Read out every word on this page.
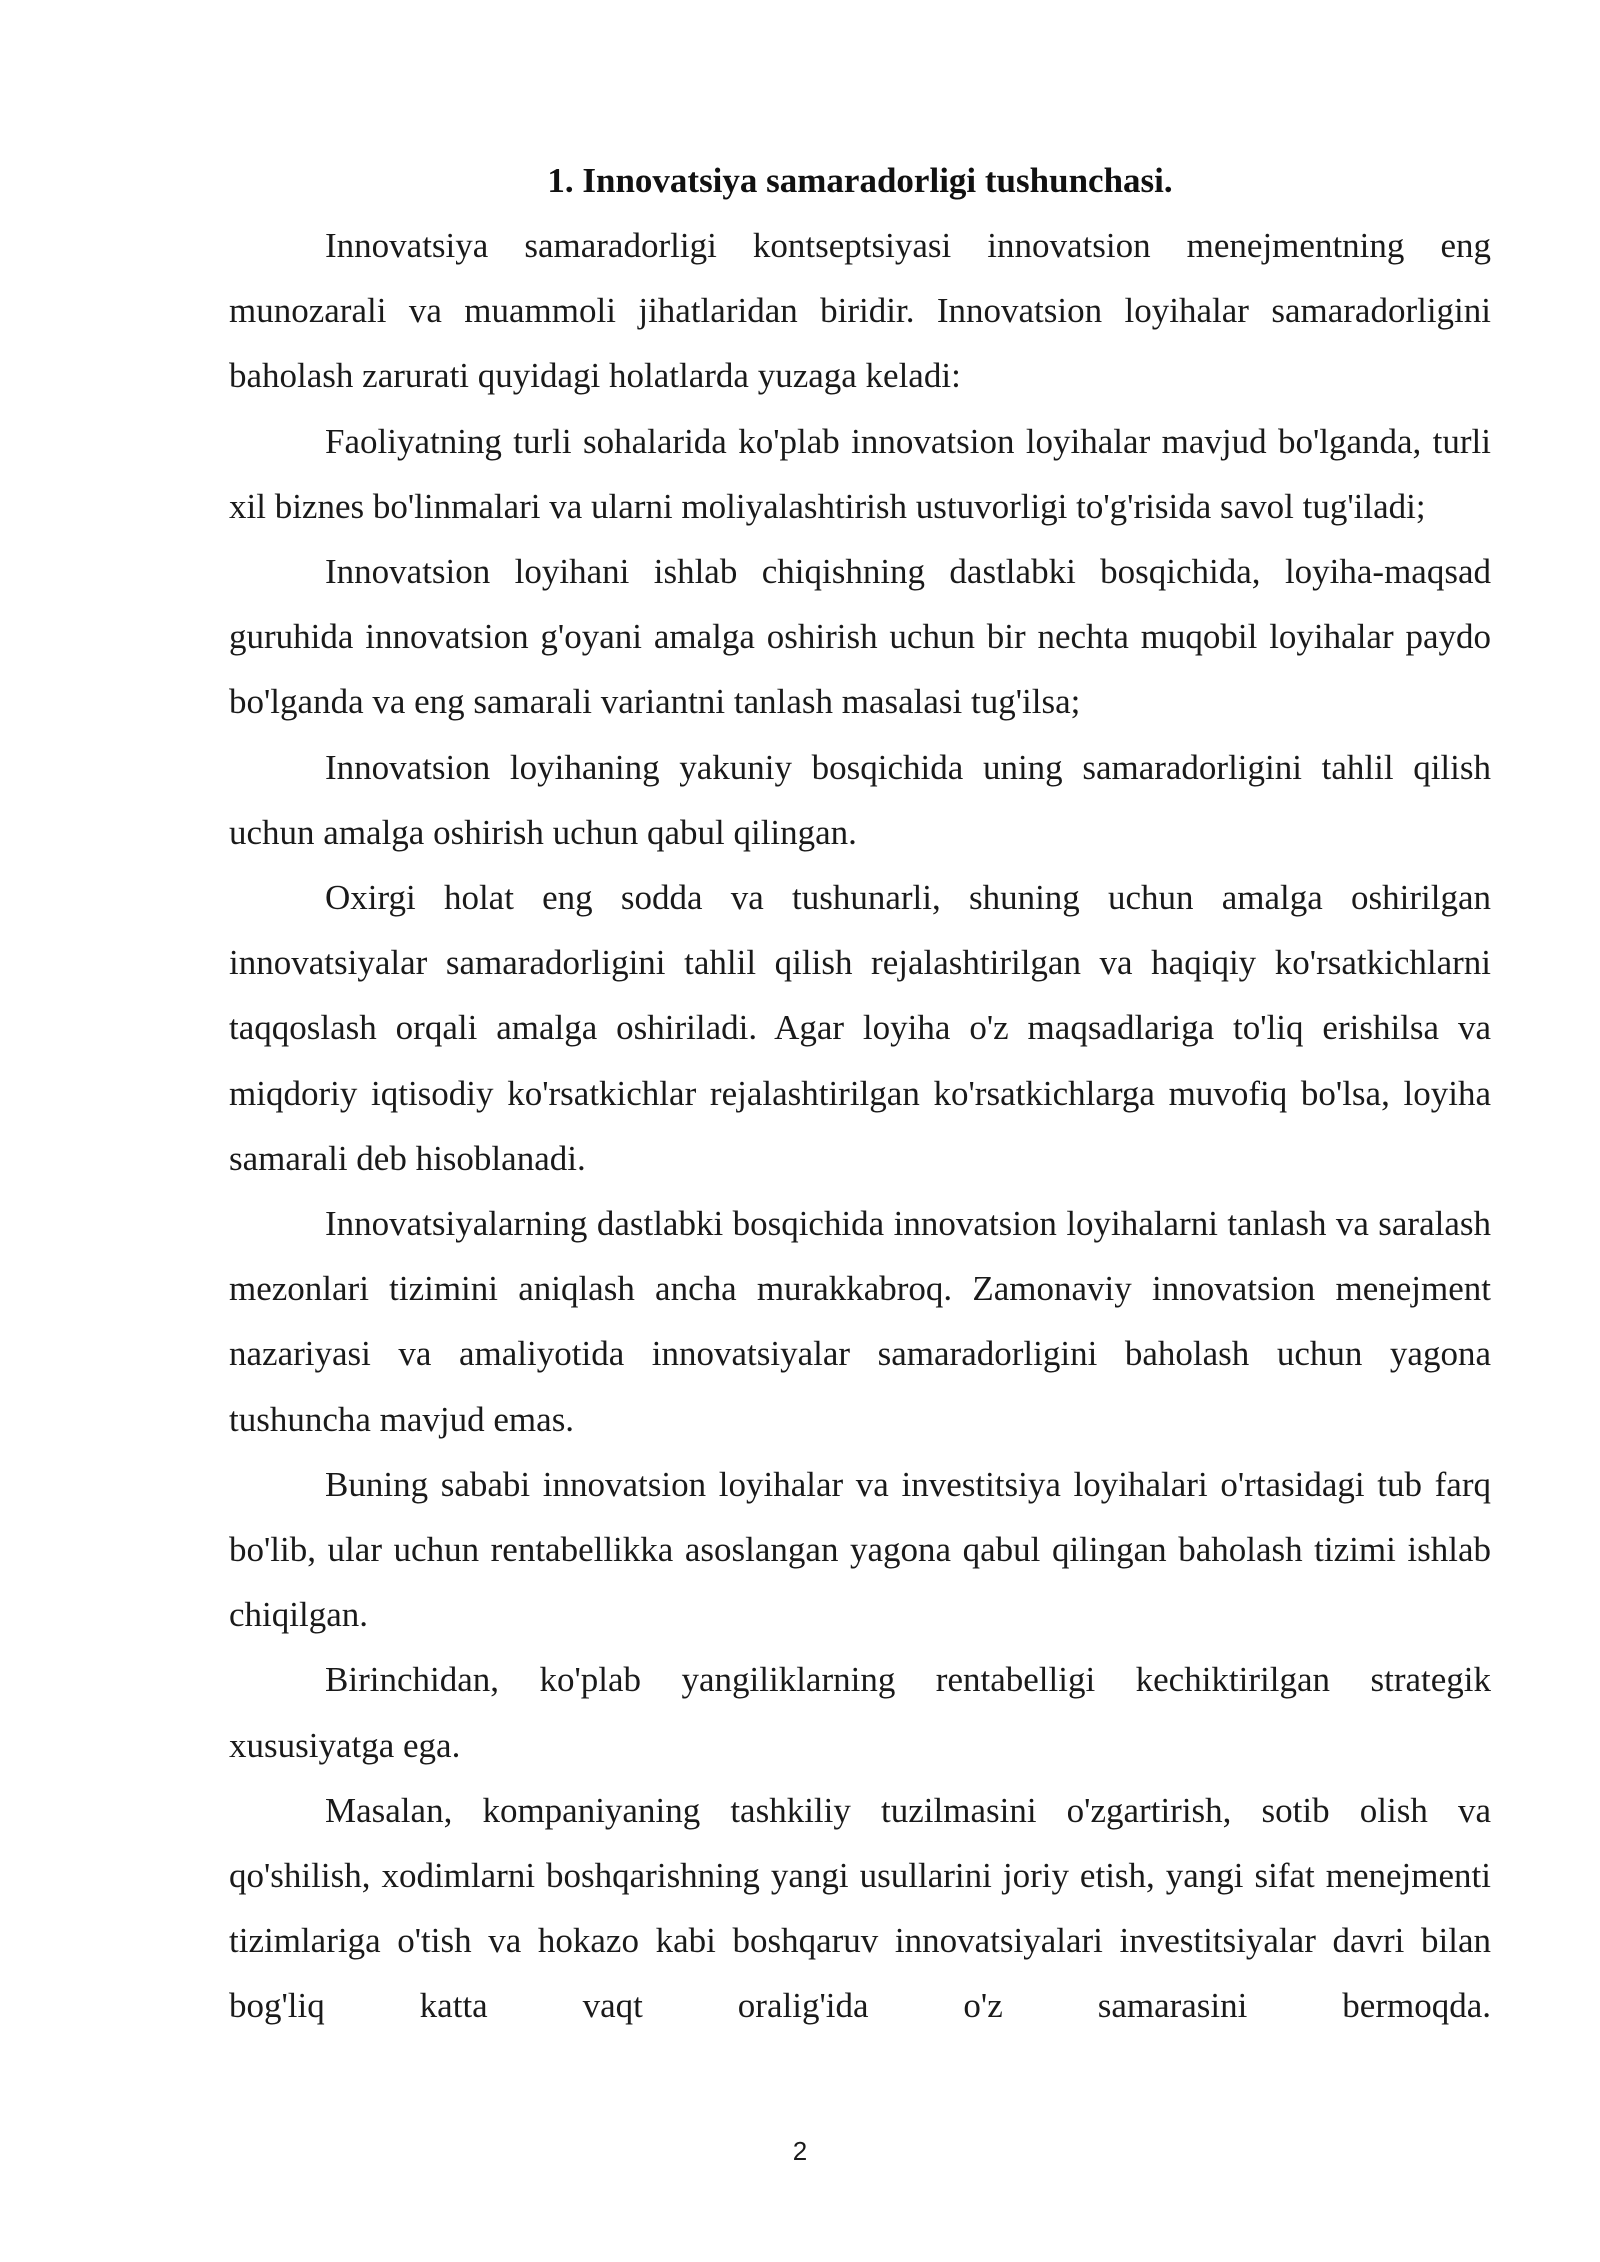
1. Innovatsiya samaradorligi tushunchasi.

Innovatsiya samaradorligi kontseptsiyasi innovatsion menejmentning eng munozarali va muammoli jihatlaridan biridir. Innovatsion loyihalar samaradorligini baholash zarurati quyidagi holatlarda yuzaga keladi:

Faoliyatning turli sohalarida ko'plab innovatsion loyihalar mavjud bo'lganda, turli xil biznes bo'linmalari va ularni moliyalashtirish ustuvorligi to'g'risida savol tug'iladi;

Innovatsion loyihani ishlab chiqishning dastlabki bosqichida, loyiha-maqsad guruhida innovatsion g'oyani amalga oshirish uchun bir nechta muqobil loyihalar paydo bo'lganda va eng samarali variantni tanlash masalasi tug'ilsa;

Innovatsion loyihaning yakuniy bosqichida uning samaradorligini tahlil qilish uchun amalga oshirish uchun qabul qilingan.

Oxirgi holat eng sodda va tushunarli, shuning uchun amalga oshirilgan innovatsiyalar samaradorligini tahlil qilish rejalashtirilgan va haqiqiy ko'rsatkichlarni taqqoslash orqali amalga oshiriladi. Agar loyiha o'z maqsadlariga to'liq erishilsa va miqdoriy iqtisodiy ko'rsatkichlar rejalashtirilgan ko'rsatkichlarga muvofiq bo'lsa, loyiha samarali deb hisoblanadi.

Innovatsiyalarning dastlabki bosqichida innovatsion loyihalarni tanlash va saralash mezonlari tizimini aniqlash ancha murakkabroq. Zamonaviy innovatsion menejment nazariyasi va amaliyotida innovatsiyalar samaradorligini baholash uchun yagona tushuncha mavjud emas.

Buning sababi innovatsion loyihalar va investitsiya loyihalari o'rtasidagi tub farq bo'lib, ular uchun rentabellikka asoslangan yagona qabul qilingan baholash tizimi ishlab chiqilgan.

Birinchidan, ko'plab yangiliklarning rentabelligi kechiktirilgan strategik xususiyatga ega.

Masalan, kompaniyaning tashkiliy tuzilmasini o'zgartirish, sotib olish va qo'shilish, xodimlarni boshqarishning yangi usullarini joriy etish, yangi sifat menejmenti tizimlariga o'tish va hokazo kabi boshqaruv innovatsiyalari investitsiyalar davri bilan bog'liq katta vaqt oralig'ida o'z samarasini bermoqda.

2
